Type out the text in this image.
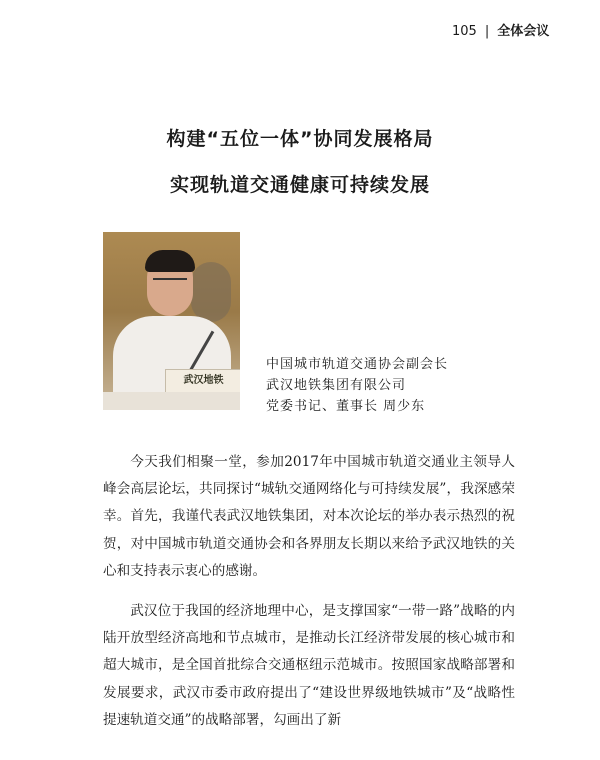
105 | 全体会议
构建“五位一体”协同发展格局
实现轨道交通健康可持续发展
武汉地铁
中国城市轨道交通协会副会长
武汉地铁集团有限公司
党委书记、董事长 周少东

今天我们相聚一堂，参加2017年中国城市轨道交通业主领导人峰会高层论坛，共同探讨“城轨交通网络化与可持续发展”，我深感荣幸。首先，我谨代表武汉地铁集团，对本次论坛的举办表示热烈的祝贺，对中国城市轨道交通协会和各界朋友长期以来给予武汉地铁的关心和支持表示衷心的感谢。

武汉位于我国的经济地理中心，是支撑国家“一带一路”战略的内陆开放型经济高地和节点城市，是推动长江经济带发展的核心城市和超大城市，是全国首批综合交通枢纽示范城市。按照国家战略部署和发展要求，武汉市委市政府提出了“建设世界级地铁城市”及“战略性提速轨道交通”的战略部署，勾画出了新
